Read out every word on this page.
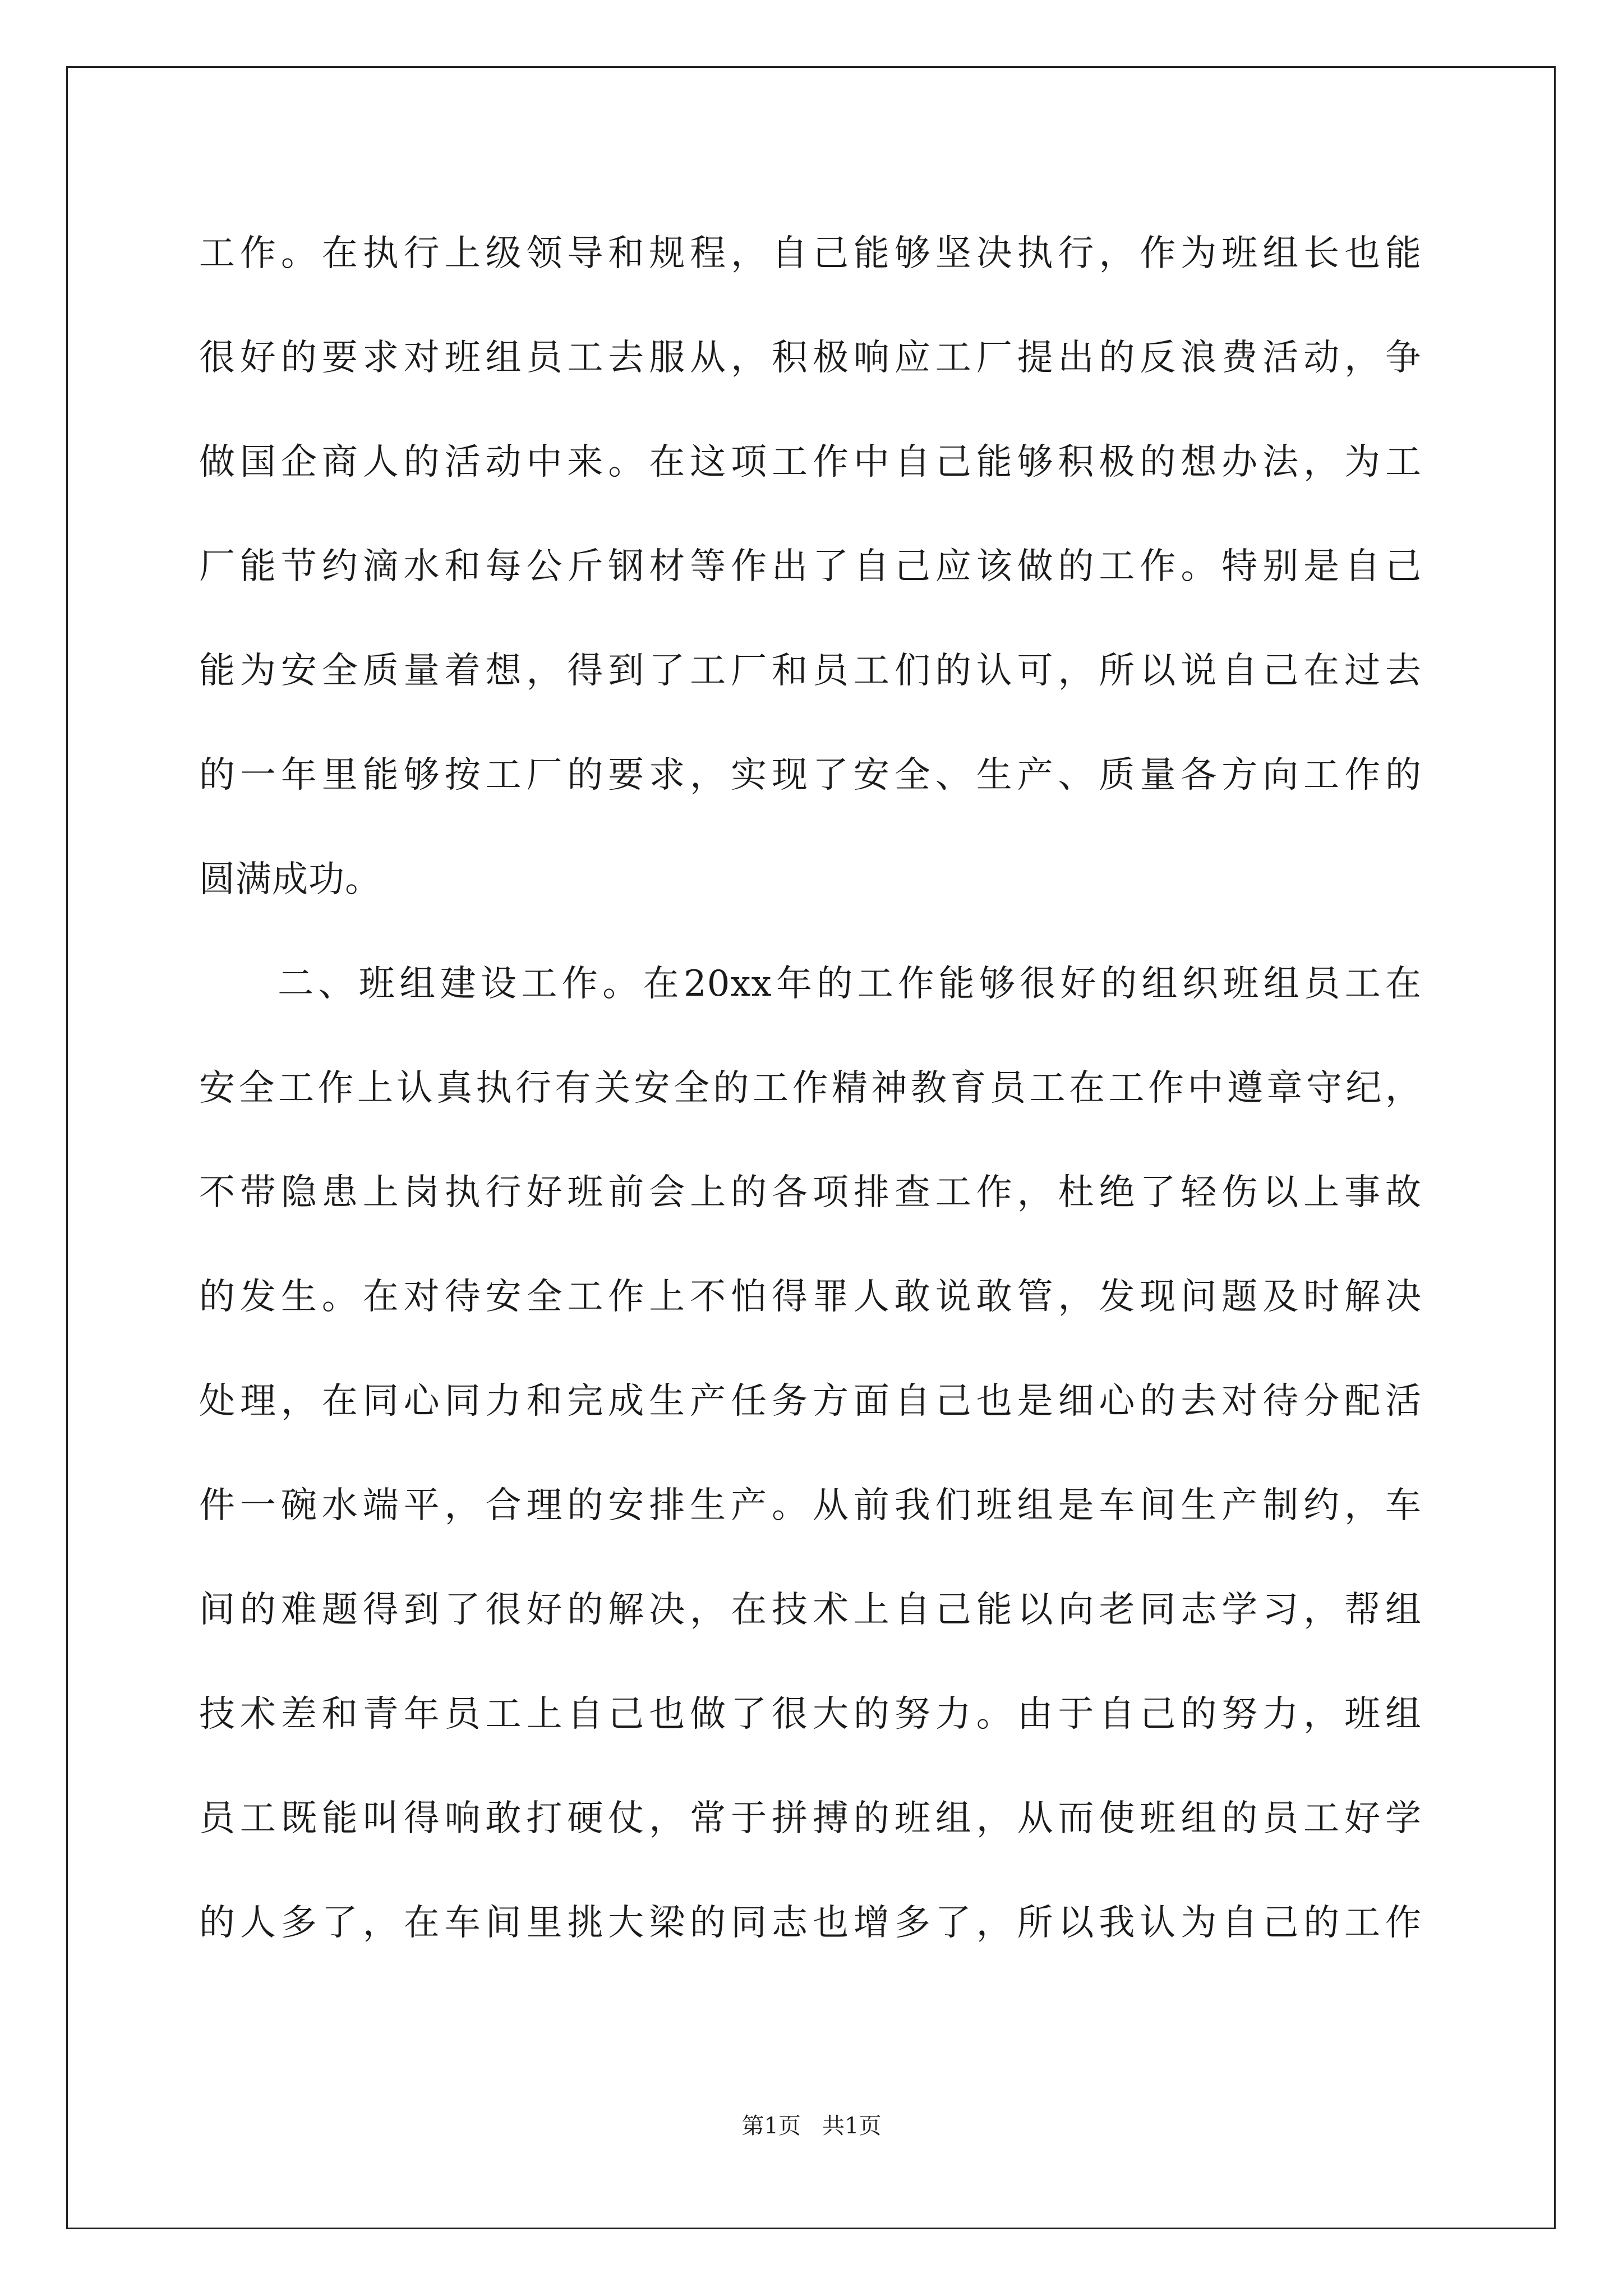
工作。在执行上级领导和规程，自己能够坚决执行，作为班组长也能
很好的要求对班组员工去服从，积极响应工厂提出的反浪费活动，争
做国企商人的活动中来。在这项工作中自己能够积极的想办法，为工
厂能节约滴水和每公斤钢材等作出了自己应该做的工作。特别是自己
能为安全质量着想，得到了工厂和员工们的认可，所以说自己在过去
的一年里能够按工厂的要求，实现了安全、生产、质量各方向工作的
圆满成功。
二、班组建设工作。在20xx年的工作能够很好的组织班组员工在
安全工作上认真执行有关安全的工作精神教育员工在工作中遵章守纪，
不带隐患上岗执行好班前会上的各项排查工作，杜绝了轻伤以上事故
的发生。在对待安全工作上不怕得罪人敢说敢管，发现问题及时解决
处理，在同心同力和完成生产任务方面自己也是细心的去对待分配活
件一碗水端平，合理的安排生产。从前我们班组是车间生产制约，车
间的难题得到了很好的解决，在技术上自己能以向老同志学习，帮组
技术差和青年员工上自己也做了很大的努力。由于自己的努力，班组
员工既能叫得响敢打硬仗，常于拼搏的班组，从而使班组的员工好学
的人多了，在车间里挑大梁的同志也增多了，所以我认为自己的工作
第1页   共1页
